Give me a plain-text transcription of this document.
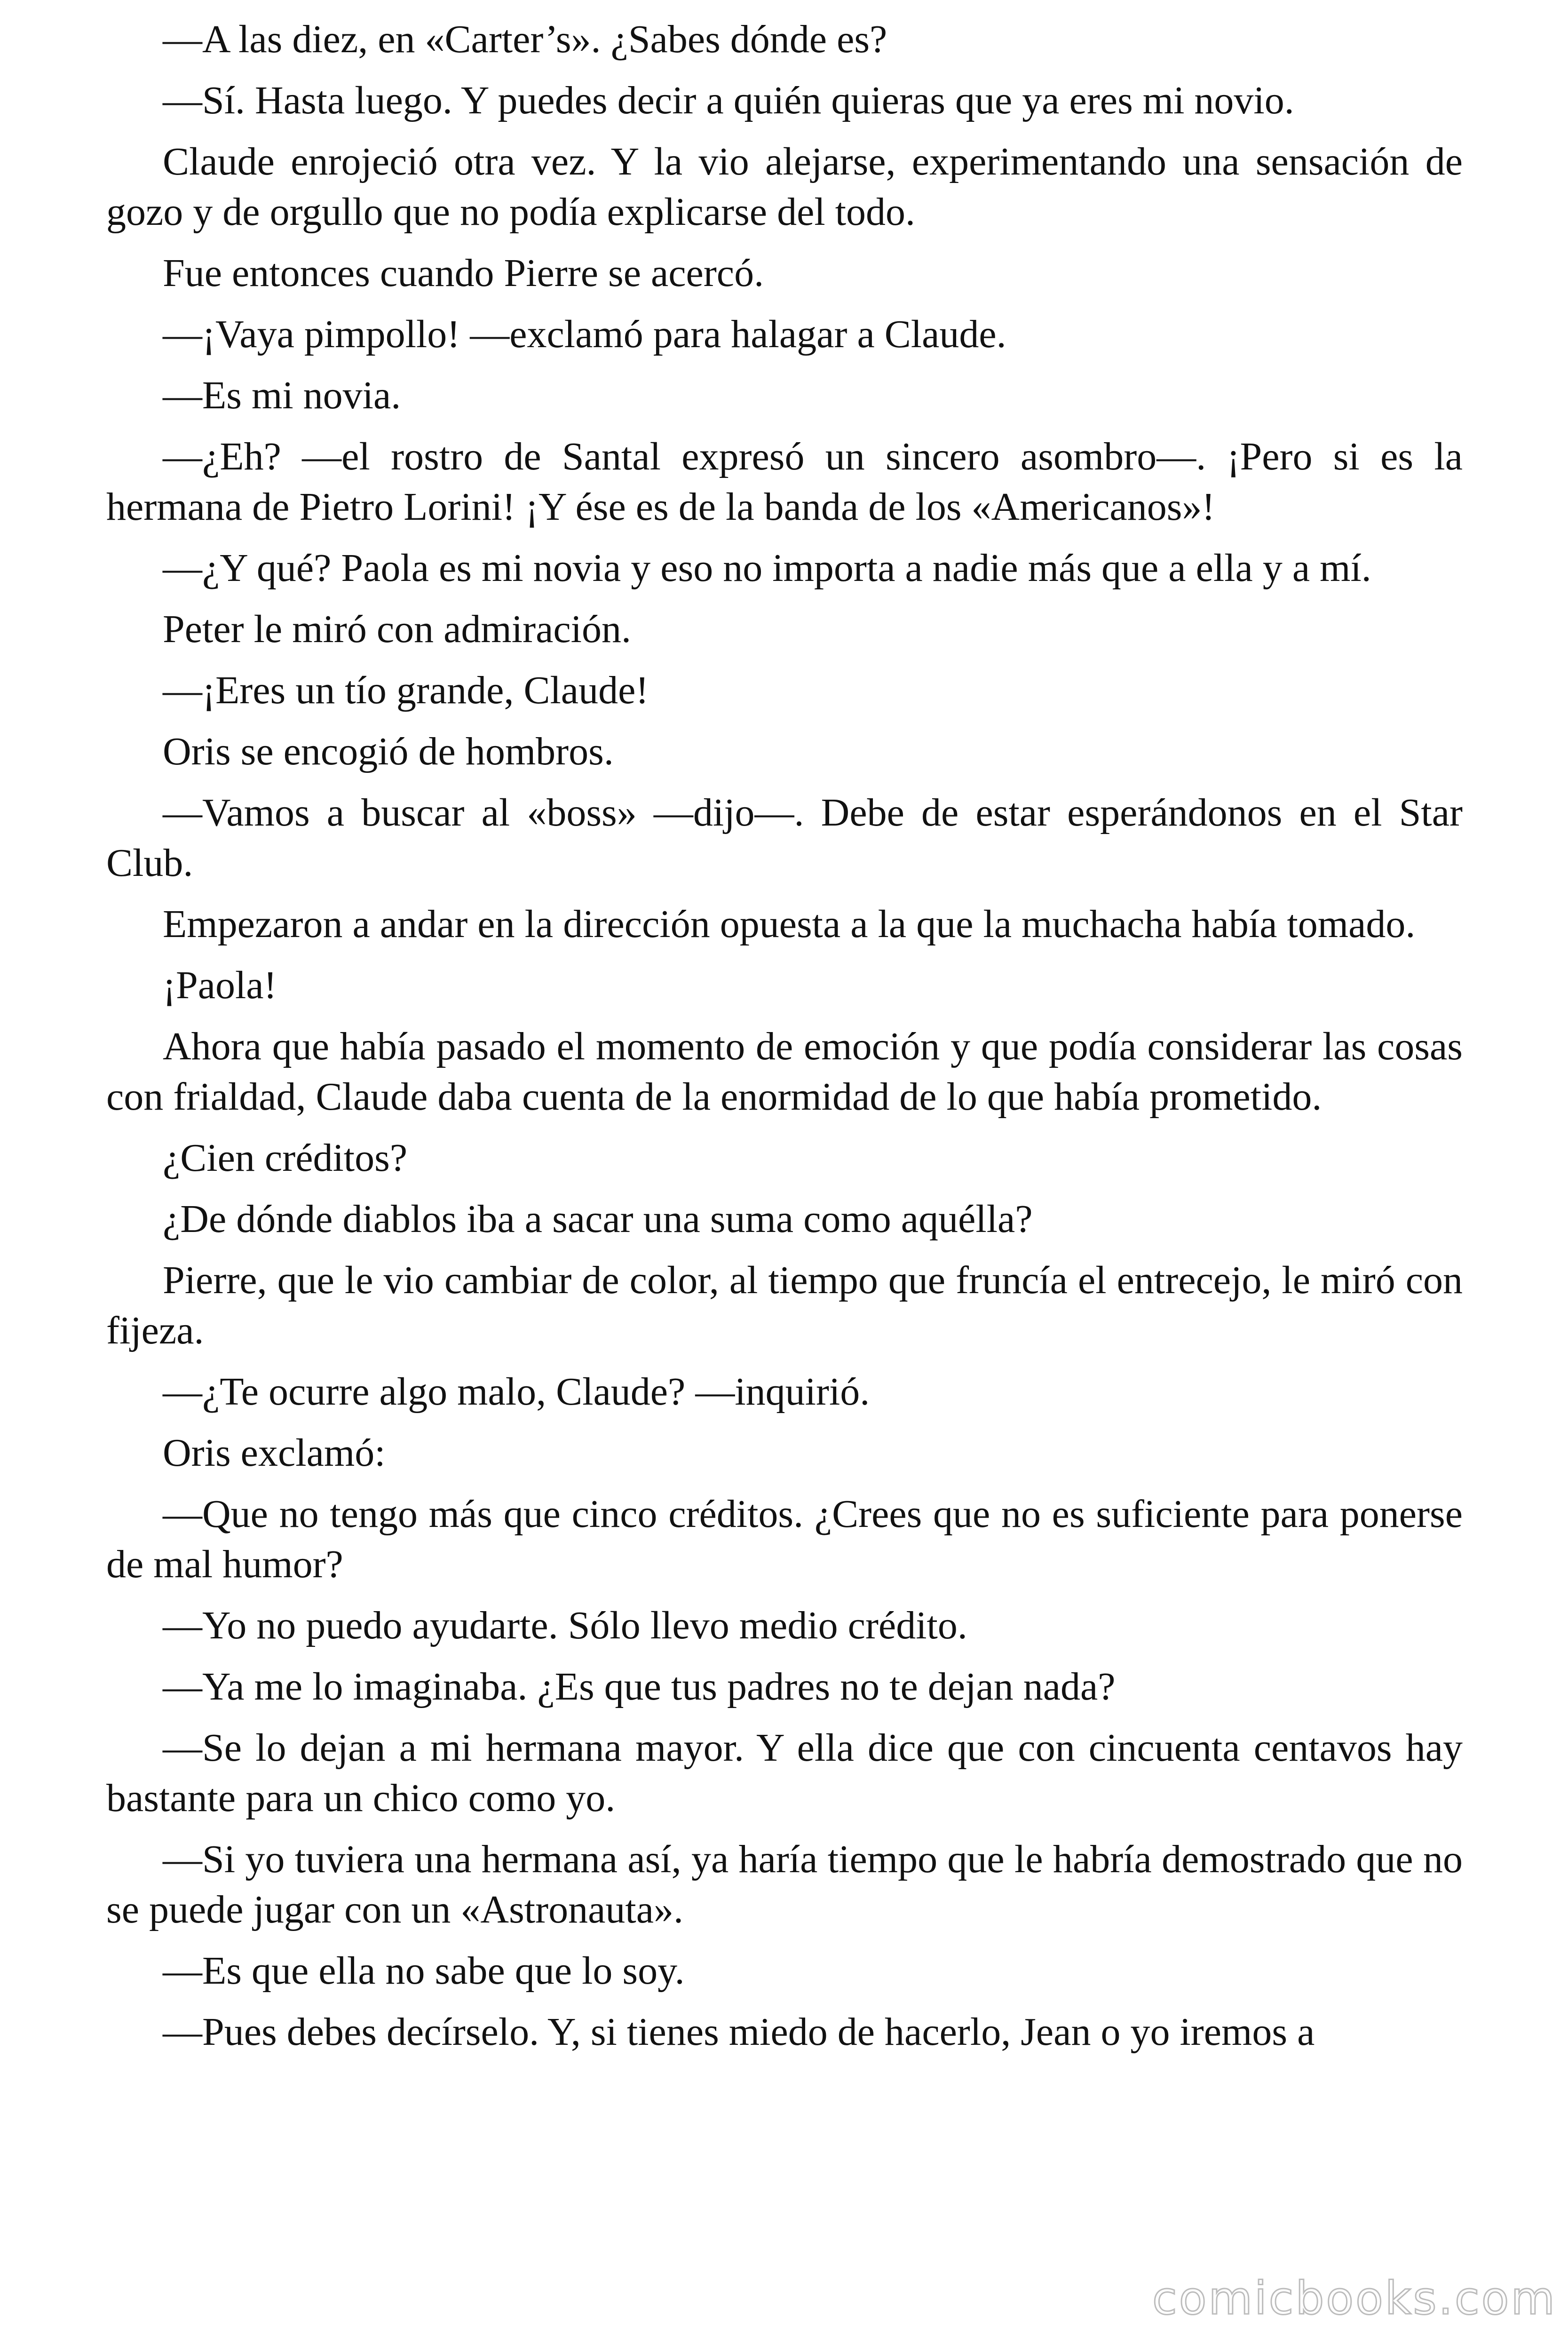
—A las diez, en «Carter’s». ¿Sabes dónde es?

—Sí. Hasta luego. Y puedes decir a quién quieras que ya eres mi novio.

Claude enrojeció otra vez. Y la vio alejarse, experimentando una sensación de gozo y de orgullo que no podía explicarse del todo.

Fue entonces cuando Pierre se acercó.

—¡Vaya pimpollo! —exclamó para halagar a Claude.

—Es mi novia.

—¿Eh? —el rostro de Santal expresó un sincero asombro—. ¡Pero si es la hermana de Pietro Lorini! ¡Y ése es de la banda de los «Americanos»!

—¿Y qué? Paola es mi novia y eso no importa a nadie más que a ella y a mí.

Peter le miró con admiración.

—¡Eres un tío grande, Claude!

Oris se encogió de hombros.

—Vamos a buscar al «boss» —dijo—. Debe de estar esperándonos en el Star Club.

Empezaron a andar en la dirección opuesta a la que la muchacha había tomado.

¡Paola!

Ahora que había pasado el momento de emoción y que podía considerar las cosas con frialdad, Claude daba cuenta de la enormidad de lo que había prometido.

¿Cien créditos?

¿De dónde diablos iba a sacar una suma como aquélla?

Pierre, que le vio cambiar de color, al tiempo que fruncía el entrecejo, le miró con fijeza.

—¿Te ocurre algo malo, Claude? —inquirió.

Oris exclamó:

—Que no tengo más que cinco créditos. ¿Crees que no es suficiente para ponerse de mal humor?

—Yo no puedo ayudarte. Sólo llevo medio crédito.

—Ya me lo imaginaba. ¿Es que tus padres no te dejan nada?

—Se lo dejan a mi hermana mayor. Y ella dice que con cincuenta centavos hay bastante para un chico como yo.

—Si yo tuviera una hermana así, ya haría tiempo que le habría demostrado que no se puede jugar con un «Astronauta».

—Es que ella no sabe que lo soy.

—Pues debes decírselo. Y, si tienes miedo de hacerlo, Jean o yo iremos a

comicbooks.com
